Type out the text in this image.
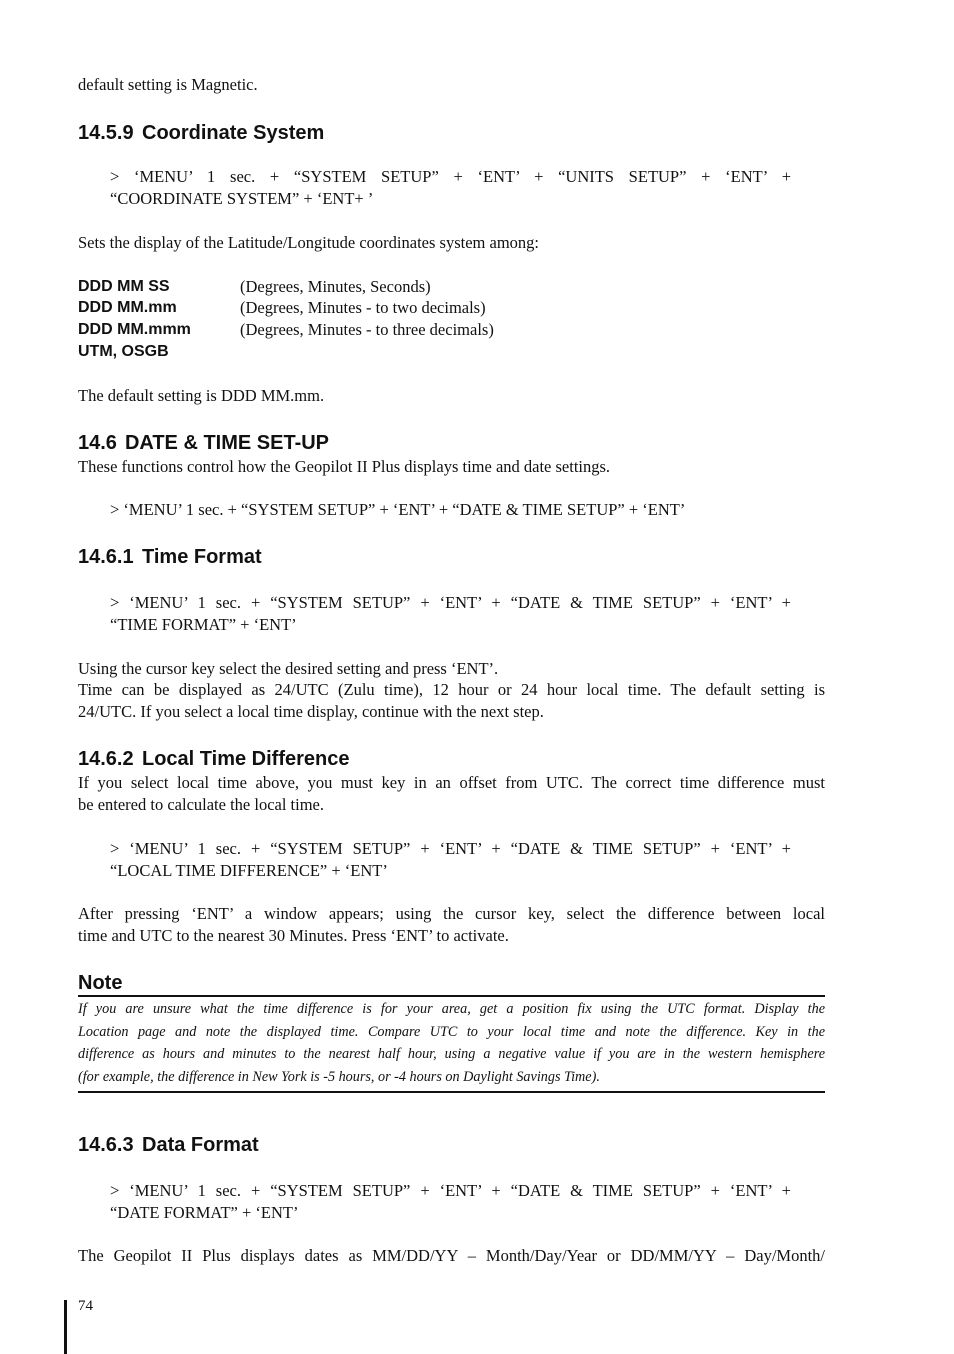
default setting is Magnetic.
14.5.9 Coordinate System
> ‘MENU’ 1 sec. + “SYSTEM SETUP” + ‘ENT’ + “UNITS SETUP” + ‘ENT’ +
“COORDINATE SYSTEM” + ‘ENT+ ’
Sets the display of the Latitude/Longitude coordinates system among:
DDD MM SS	(Degrees, Minutes, Seconds)
DDD MM.mm	(Degrees, Minutes - to two decimals)
DDD MM.mmm	(Degrees, Minutes - to three decimals)
UTM, OSGB
The default setting is DDD MM.mm.
14.6 DATE & TIME SET-UP
These functions control how the Geopilot II Plus displays time and date settings.
> ‘MENU’ 1 sec. + “SYSTEM SETUP” + ‘ENT’ + “DATE & TIME SETUP” + ‘ENT’
14.6.1 Time Format
> ‘MENU’ 1 sec. + “SYSTEM SETUP” + ‘ENT’ + “DATE & TIME SETUP” + ‘ENT’ +
“TIME FORMAT” + ‘ENT’
Using the cursor key select the desired setting and press ‘ENT’.
Time can be displayed as 24/UTC (Zulu time), 12 hour or 24 hour local time. The default setting is
24/UTC. If you select a local time display, continue with the next step.
14.6.2 Local Time Difference
If you select local time above, you must key in an offset from UTC. The correct time difference must
be entered to calculate the local time.
> ‘MENU’ 1 sec. + “SYSTEM SETUP” + ‘ENT’ + “DATE & TIME SETUP” + ‘ENT’ +
“LOCAL TIME DIFFERENCE” + ‘ENT’
After pressing ‘ENT’ a window appears; using the cursor key, select the difference between local
time and UTC to the nearest 30 Minutes. Press ‘ENT’ to activate.
Note
If you are unsure what the time difference is for your area, get a position fix using the UTC format. Display the
Location page and note the displayed time. Compare UTC to your local time and note the difference. Key in the
difference as hours and minutes to the nearest half hour, using a negative value if you are in the western hemisphere
(for example, the difference in New York is -5 hours, or -4 hours on Daylight Savings Time).
14.6.3 Data Format
> ‘MENU’ 1 sec. + “SYSTEM SETUP” + ‘ENT’ + “DATE & TIME SETUP” + ‘ENT’ +
“DATE FORMAT” + ‘ENT’
The Geopilot II Plus displays dates as MM/DD/YY – Month/Day/Year or DD/MM/YY – Day/Month/
74
